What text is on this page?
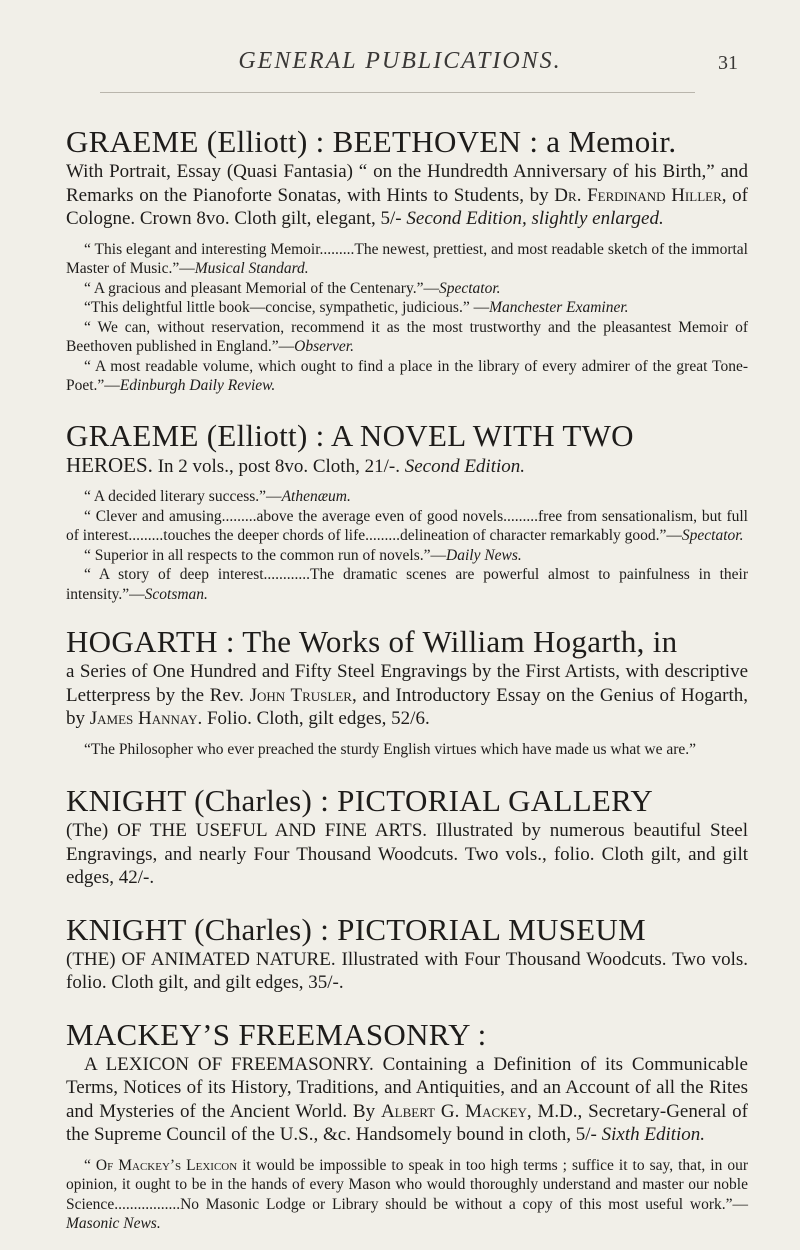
GENERAL PUBLICATIONS.	31
GRAEME (Elliott) : BEETHOVEN : a Memoir.

With Portrait, Essay (Quasi Fantasia) “ on the Hundredth Anniversary of his Birth,” and Remarks on the Pianoforte Sonatas, with Hints to Students, by Dr. Ferdinand Hiller, of Cologne. Crown 8vo. Cloth gilt, elegant, 5/- Second Edition, slightly enlarged.

“ This elegant and interesting Memoir.........The newest, prettiest, and most readable sketch of the immortal Master of Music.”—Musical Standard.

“ A gracious and pleasant Memorial of the Centenary.”—Spectator.

“This delightful little book—concise, sympathetic, judicious.” —Manchester Examiner.

“ We can, without reservation, recommend it as the most trustworthy and the pleasantest Memoir of Beethoven published in England.”—Observer.

“ A most readable volume, which ought to find a place in the library of every admirer of the great Tone-Poet.”—Edinburgh Daily Review.

GRAEME (Elliott) : A NOVEL WITH TWO

HEROES. In 2 vols., post 8vo. Cloth, 21/-. Second Edition.

“ A decided literary success.”—Athenæum.

“ Clever and amusing.........above the average even of good novels.........free from sensationalism, but full of interest.........touches the deeper chords of life.........delineation of character remarkably good.”—Spectator.

“ Superior in all respects to the common run of novels.”—Daily News.

“ A story of deep interest............The dramatic scenes are powerful almost to painfulness in their intensity.”—Scotsman.

HOGARTH : The Works of William Hogarth, in

a Series of One Hundred and Fifty Steel Engravings by the First Artists, with descriptive Letterpress by the Rev. John Trusler, and Introductory Essay on the Genius of Hogarth, by James Hannay. Folio. Cloth, gilt edges, 52/6.

“The Philosopher who ever preached the sturdy English virtues which have made us what we are.”

KNIGHT (Charles) : PICTORIAL GALLERY

(The) OF THE USEFUL AND FINE ARTS. Illustrated by numerous beautiful Steel Engravings, and nearly Four Thousand Woodcuts. Two vols., folio. Cloth gilt, and gilt edges, 42/-.

KNIGHT (Charles) : PICTORIAL MUSEUM

(THE) OF ANIMATED NATURE. Illustrated with Four Thousand Woodcuts. Two vols. folio. Cloth gilt, and gilt edges, 35/-.

MACKEY’S FREEMASONRY :

A LEXICON OF FREEMASONRY. Containing a Definition of its Communicable Terms, Notices of its History, Traditions, and Antiquities, and an Account of all the Rites and Mysteries of the Ancient World. By Albert G. Mackey, M.D., Secretary-General of the Supreme Council of the U.S., &c. Handsomely bound in cloth, 5/- Sixth Edition.

“ Of Mackey’s Lexicon it would be impossible to speak in too high terms ; suffice it to say, that, in our opinion, it ought to be in the hands of every Mason who would thoroughly understand and master our noble Science.................No Masonic Lodge or Library should be without a copy of this most useful work.”—Masonic News.
